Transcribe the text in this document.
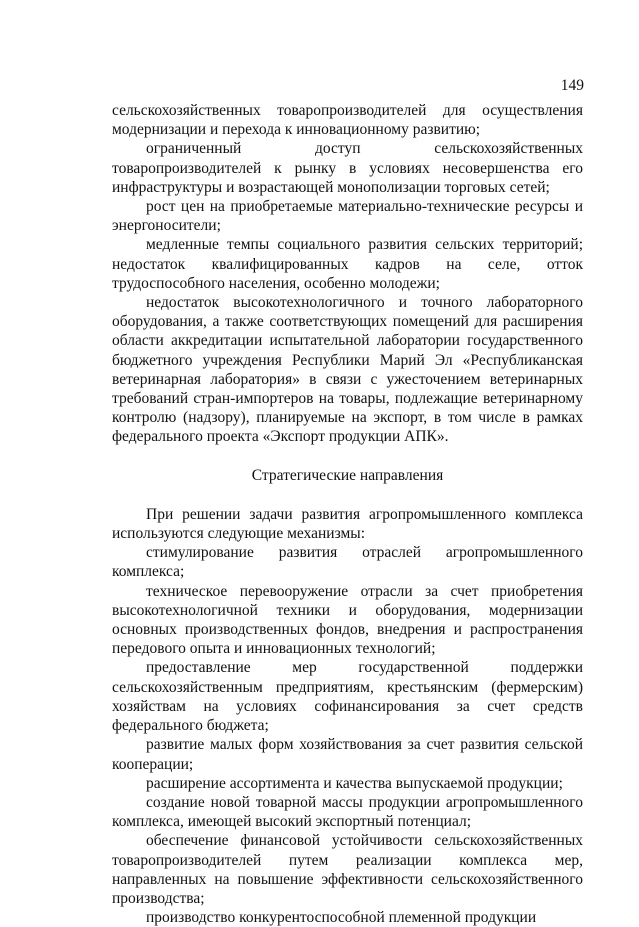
149

сельскохозяйственных товаропроизводителей для осуществления модернизации и перехода к инновационному развитию;

ограниченный доступ сельскохозяйственных товаропроизводителей к рынку в условиях несовершенства его инфраструктуры и возрастающей монополизации торговых сетей;

рост цен на приобретаемые материально-технические ресурсы и энергоносители;

медленные темпы социального развития сельских территорий; недостаток квалифицированных кадров на селе, отток трудоспособного населения, особенно молодежи;

недостаток высокотехнологичного и точного лабораторного оборудования, а также соответствующих помещений для расширения области аккредитации испытательной лаборатории государственного бюджетного учреждения Республики Марий Эл «Республиканская ветеринарная лаборатория» в связи с ужесточением ветеринарных требований стран-импортеров на товары, подлежащие ветеринарному контролю (надзору), планируемые на экспорт, в том числе в рамках федерального проекта «Экспорт продукции АПК».

Стратегические направления

При решении задачи развития агропромышленного комплекса используются следующие механизмы:

стимулирование развития отраслей агропромышленного комплекса;

техническое перевооружение отрасли за счет приобретения высокотехнологичной техники и оборудования, модернизации основных производственных фондов, внедрения и распространения передового опыта и инновационных технологий;

предоставление мер государственной поддержки сельскохозяйственным предприятиям, крестьянским (фермерским) хозяйствам на условиях софинансирования за счет средств федерального бюджета;

развитие малых форм хозяйствования за счет развития сельской кооперации;

расширение ассортимента и качества выпускаемой продукции;

создание новой товарной массы продукции агропромышленного комплекса, имеющей высокий экспортный потенциал;

обеспечение финансовой устойчивости сельскохозяйственных товаропроизводителей путем реализации комплекса мер, направленных на повышение эффективности сельскохозяйственного производства;

производство конкурентоспособной племенной продукции
